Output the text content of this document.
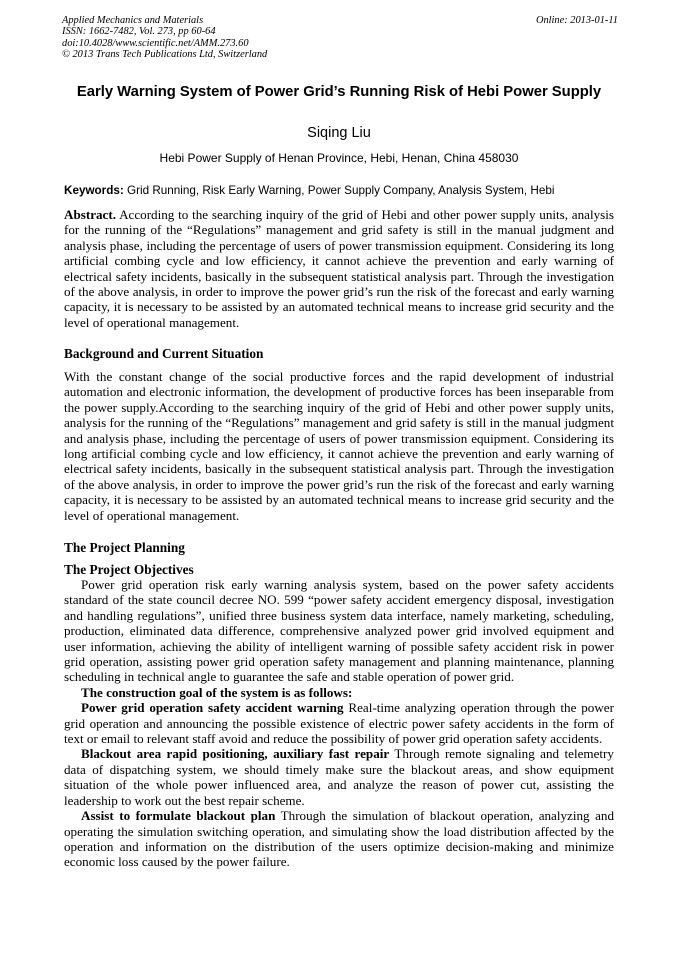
Applied Mechanics and Materials
ISSN: 1662-7482, Vol. 273, pp 60-64
doi:10.4028/www.scientific.net/AMM.273.60
© 2013 Trans Tech Publications Ltd, Switzerland
Online: 2013-01-11
Early Warning System of Power Grid’s Running Risk of Hebi Power Supply
Siqing Liu
Hebi Power Supply of Henan Province, Hebi, Henan, China 458030
Keywords: Grid Running, Risk Early Warning, Power Supply Company, Analysis System, Hebi

Abstract. According to the searching inquiry of the grid of Hebi and other power supply units, analysis for the running of the “Regulations” management and grid safety is still in the manual judgment and analysis phase, including the percentage of users of power transmission equipment. Considering its long artificial combing cycle and low efficiency, it cannot achieve the prevention and early warning of electrical safety incidents, basically in the subsequent statistical analysis part. Through the investigation of the above analysis, in order to improve the power grid’s run the risk of the forecast and early warning capacity, it is necessary to be assisted by an automated technical means to increase grid security and the level of operational management.

Background and Current Situation

With the constant change of the social productive forces and the rapid development of industrial automation and electronic information, the development of productive forces has been inseparable from the power supply.According to the searching inquiry of the grid of Hebi and other power supply units, analysis for the running of the “Regulations” management and grid safety is still in the manual judgment and analysis phase, including the percentage of users of power transmission equipment. Considering its long artificial combing cycle and low efficiency, it cannot achieve the prevention and early warning of electrical safety incidents, basically in the subsequent statistical analysis part. Through the investigation of the above analysis, in order to improve the power grid’s run the risk of the forecast and early warning capacity, it is necessary to be assisted by an automated technical means to increase grid security and the level of operational management.

The Project Planning
The Project Objectives

Power grid operation risk early warning analysis system, based on the power safety accidents standard of the state council decree NO. 599 “power safety accident emergency disposal, investigation and handling regulations”, unified three business system data interface, namely marketing, scheduling, production, eliminated data difference, comprehensive analyzed power grid involved equipment and user information, achieving the ability of intelligent warning of possible safety accident risk in power grid operation, assisting power grid operation safety management and planning maintenance, planning scheduling in technical angle to guarantee the safe and stable operation of power grid.

The construction goal of the system is as follows:

Power grid operation safety accident warning Real-time analyzing operation through the power grid operation and announcing the possible existence of electric power safety accidents in the form of text or email to relevant staff avoid and reduce the possibility of power grid operation safety accidents.

Blackout area rapid positioning, auxiliary fast repair Through remote signaling and telemetry data of dispatching system, we should timely make sure the blackout areas, and show equipment situation of the whole power influenced area, and analyze the reason of power cut, assisting the leadership to work out the best repair scheme.

Assist to formulate blackout plan Through the simulation of blackout operation, analyzing and operating the simulation switching operation, and simulating show the load distribution affected by the operation and information on the distribution of the users optimize decision-making and minimize economic loss caused by the power failure.
